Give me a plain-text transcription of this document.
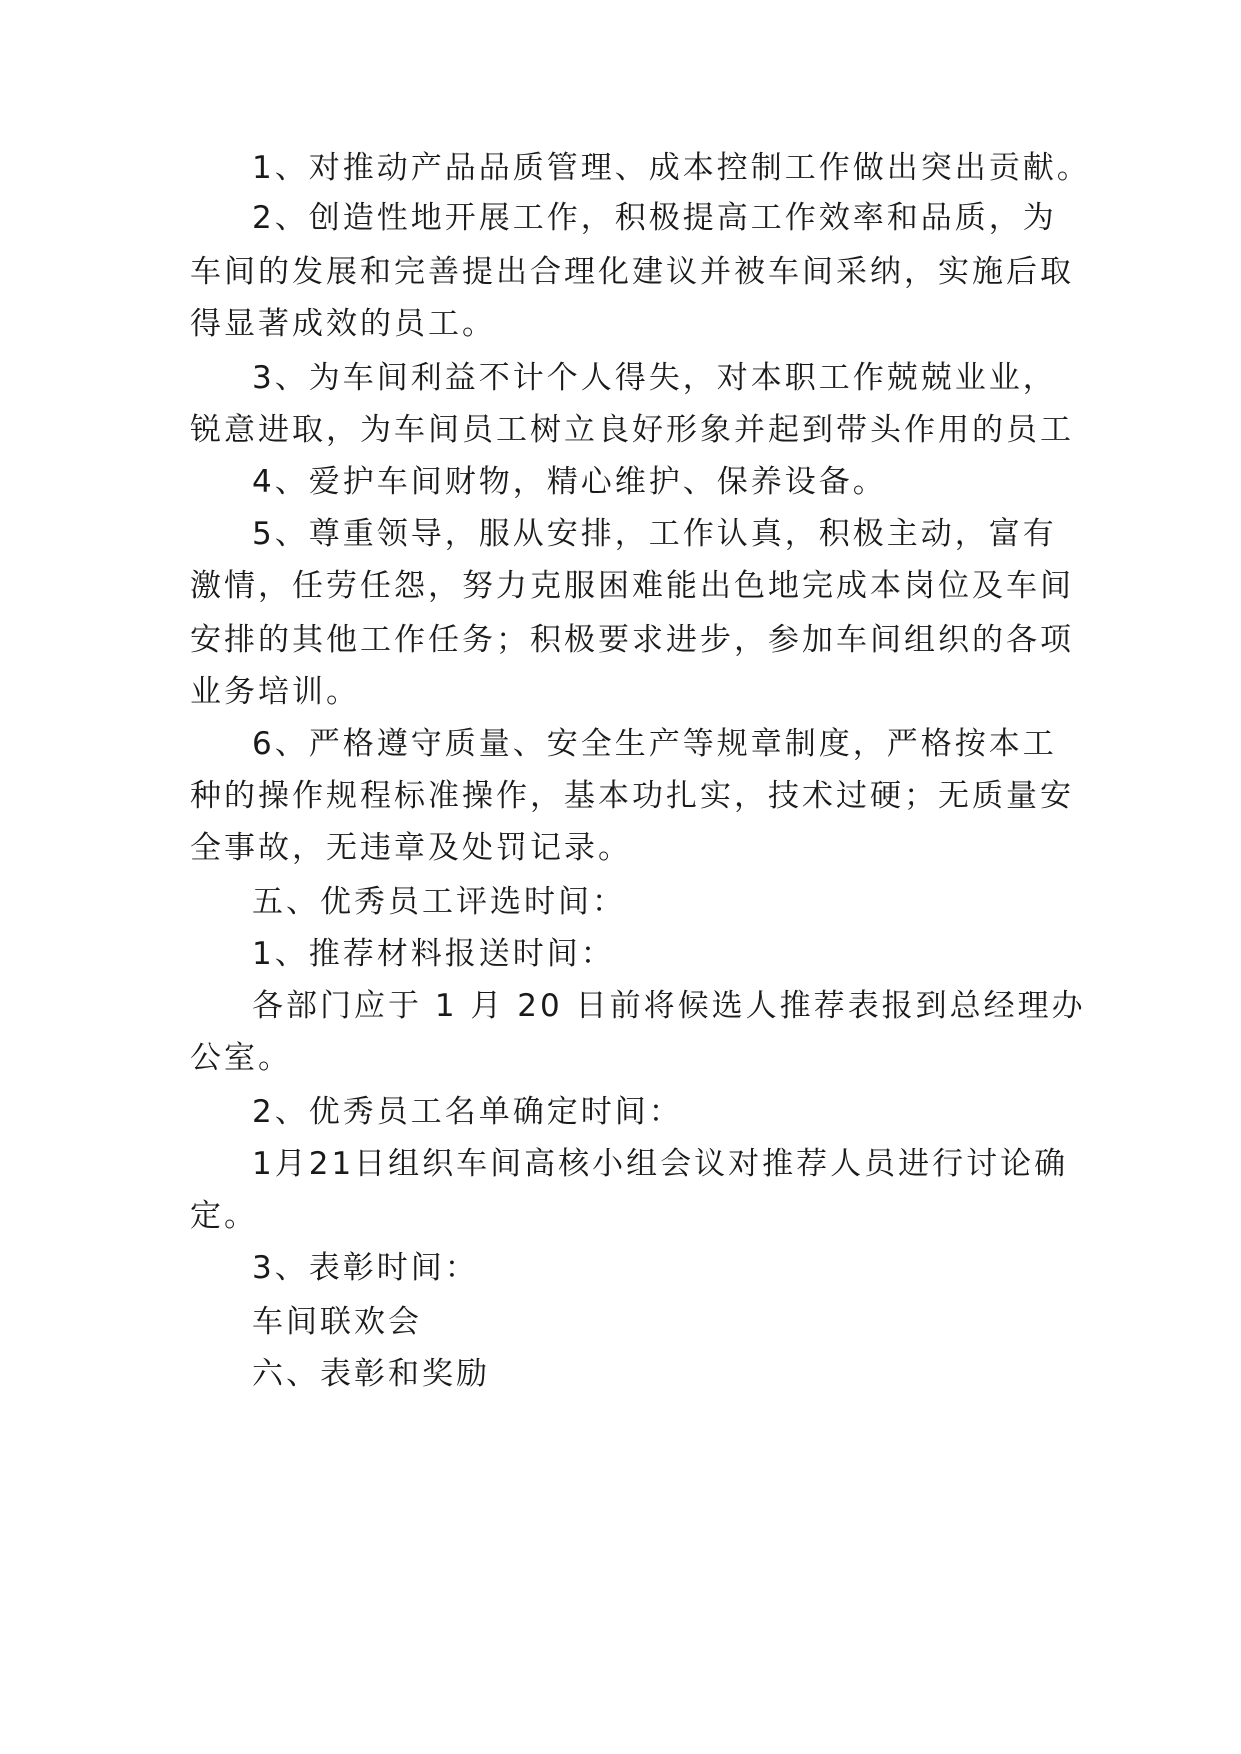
1、对推动产品品质管理、成本控制工作做出突出贡献。
2、创造性地开展工作，积极提高工作效率和品质，为
车间的发展和完善提出合理化建议并被车间采纳，实施后取
得显著成效的员工。
3、为车间利益不计个人得失，对本职工作兢兢业业，
锐意进取，为车间员工树立良好形象并起到带头作用的员工
4、爱护车间财物，精心维护、保养设备。
5、尊重领导，服从安排，工作认真，积极主动，富有
激情，任劳任怨，努力克服困难能出色地完成本岗位及车间
安排的其他工作任务；积极要求进步，参加车间组织的各项
业务培训。
6、严格遵守质量、安全生产等规章制度，严格按本工
种的操作规程标准操作，基本功扎实，技术过硬；无质量安
全事故，无违章及处罚记录。
五、优秀员工评选时间：
1、推荐材料报送时间：
各部门应于 1 月 20 日前将候选人推荐表报到总经理办
公室。
2、优秀员工名单确定时间：
1月21日组织车间高核小组会议对推荐人员进行讨论确
定。
3、表彰时间：
车间联欢会
六、表彰和奖励
